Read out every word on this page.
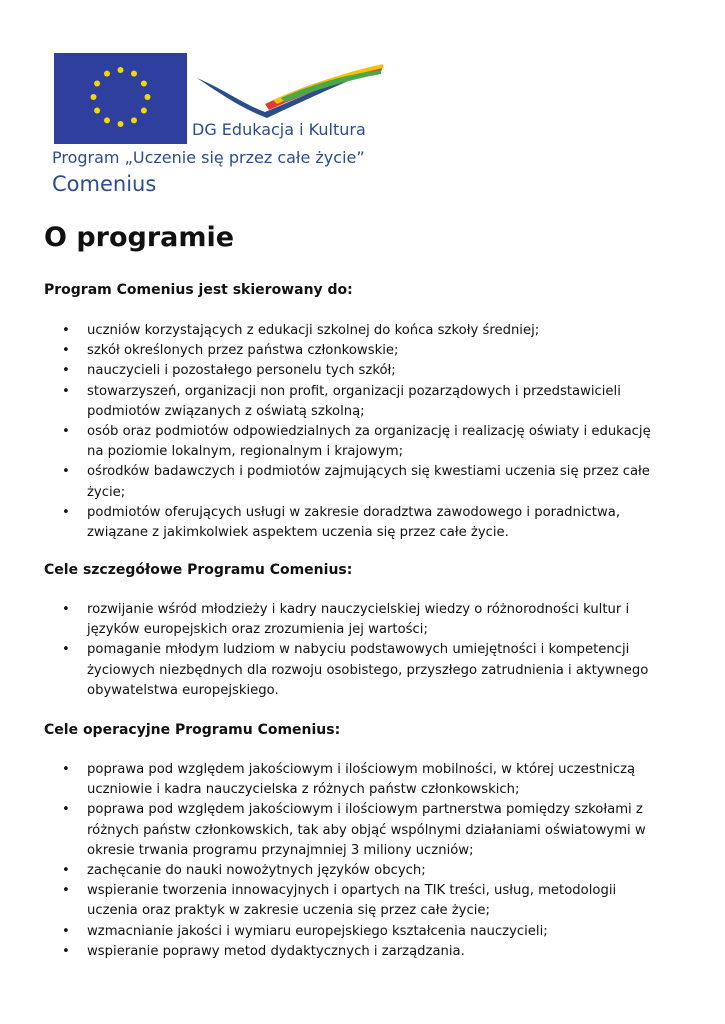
DG Edukacja i Kultura
Program „Uczenie się przez całe życie”
Comenius
O programie
Program Comenius jest skierowany do:
• uczniów korzystających z edukacji szkolnej do końca szkoły średniej;
• szkół określonych przez państwa członkowskie;
• nauczycieli i pozostałego personelu tych szkół;
• stowarzyszeń, organizacji non profit, organizacji pozarządowych i przedstawicieli podmiotów związanych z oświatą szkolną;
• osób oraz podmiotów odpowiedzialnych za organizację i realizację oświaty i edukację na poziomie lokalnym, regionalnym i krajowym;
• ośrodków badawczych i podmiotów zajmujących się kwestiami uczenia się przez całe życie;
• podmiotów oferujących usługi w zakresie doradztwa zawodowego i poradnictwa, związane z jakimkolwiek aspektem uczenia się przez całe życie.
Cele szczegółowe Programu Comenius:
• rozwijanie wśród młodzieży i kadry nauczycielskiej wiedzy o różnorodności kultur i języków europejskich oraz zrozumienia jej wartości;
• pomaganie młodym ludziom w nabyciu podstawowych umiejętności i kompetencji życiowych niezbędnych dla rozwoju osobistego, przyszłego zatrudnienia i aktywnego obywatelstwa europejskiego.
Cele operacyjne Programu Comenius:
• poprawa pod względem jakościowym i ilościowym mobilności, w której uczestniczą uczniowie i kadra nauczycielska z różnych państw członkowskich;
• poprawa pod względem jakościowym i ilościowym partnerstwa pomiędzy szkołami z różnych państw członkowskich, tak aby objąć wspólnymi działaniami oświatowymi w okresie trwania programu przynajmniej 3 miliony uczniów;
• zachęcanie do nauki nowożytnych języków obcych;
• wspieranie tworzenia innowacyjnych i opartych na TIK treści, usług, metodologii uczenia oraz praktyk w zakresie uczenia się przez całe życie;
• wzmacnianie jakości i wymiaru europejskiego kształcenia nauczycieli;
• wspieranie poprawy metod dydaktycznych i zarządzania.
